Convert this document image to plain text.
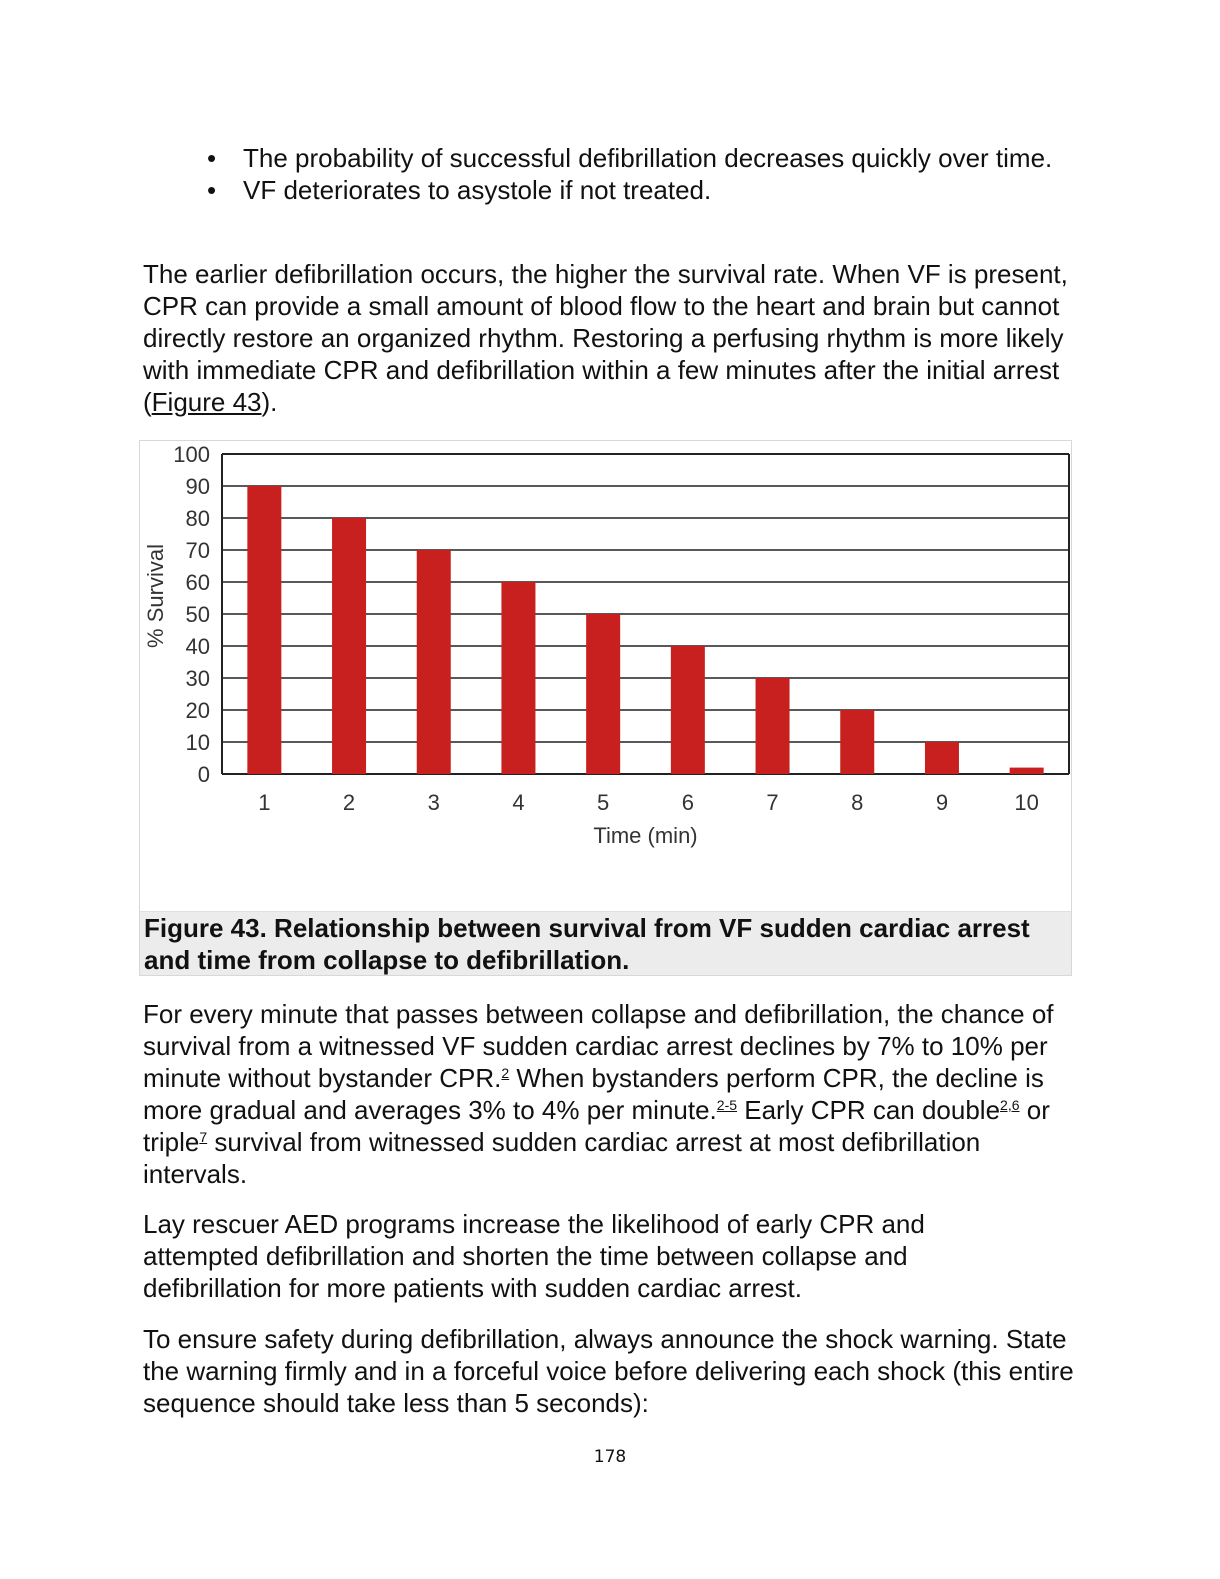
• The probability of successful defibrillation decreases quickly over time.
• VF deteriorates to asystole if not treated.

The earlier defibrillation occurs, the higher the survival rate. When VF is present, CPR can provide a small amount of blood flow to the heart and brain but cannot directly restore an organized rhythm. Restoring a perfusing rhythm is more likely with immediate CPR and defibrillation within a few minutes after the initial arrest (Figure 43).

Figure 43. Relationship between survival from VF sudden cardiac arrest and time from collapse to defibrillation.
0
10
20
30
40
50
60
70
80
90
100
1	2	3	4	5	6	7	8	9	10
Time (min)
% Survival

For every minute that passes between collapse and defibrillation, the chance of survival from a witnessed VF sudden cardiac arrest declines by 7% to 10% per minute without bystander CPR.$^2$ When bystanders perform CPR, the decline is more gradual and averages 3% to 4% per minute.$^{2-5}$ Early CPR can double$^{2,6}$ or triple$^7$ survival from witnessed sudden cardiac arrest at most defibrillation intervals.

Lay rescuer AED programs increase the likelihood of early CPR and attempted defibrillation and shorten the time between collapse and defibrillation for more patients with sudden cardiac arrest.

To ensure safety during defibrillation, always announce the shock warning. State the warning firmly and in a forceful voice before delivering each shock (this entire sequence should take less than 5 seconds):

178
